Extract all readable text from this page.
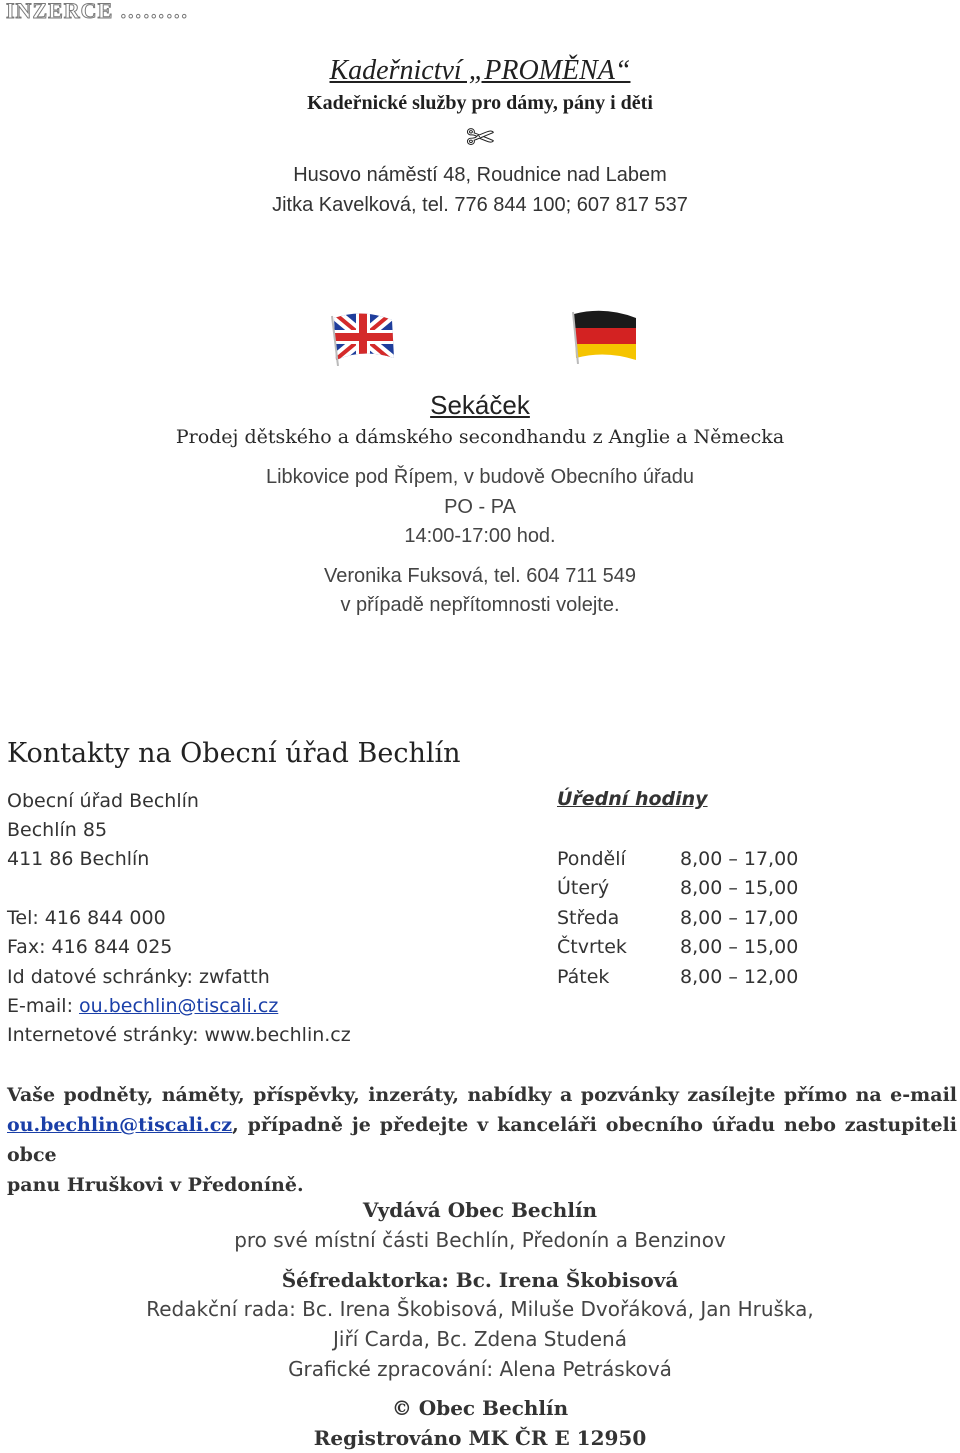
INZERCE ………
Kadeřnictví „PROMĚNA“
Kadeřnické služby pro dámy, pány i děti
✄
Husovo náměstí 48, Roudnice nad Labem
Jitka Kavelková, tel. 776 844 100; 607 817 537
Sekáček
Prodej dětského a dámského secondhandu z Anglie a Německa
Libkovice pod Řípem, v budově Obecního úřadu
PO - PA
14:00-17:00 hod.
Veronika Fuksová, tel. 604 711 549
v případě nepřítomnosti volejte.
Kontakty na Obecní úřad Bechlín
Obecní úřad Bechlín
Bechlín 85
411 86 Bechlín
Tel: 416 844 000
Fax: 416 844 025
Id datové schránky: zwfatth
E-mail: ou.bechlin@tiscali.cz
Internetové stránky: www.bechlin.cz
Úřední hodiny
Pondělí	8,00 – 17,00
Úterý	8,00 – 15,00
Středa	8,00 – 17,00
Čtvrtek	8,00 – 15,00
Pátek	8,00 – 12,00
Vaše podněty, náměty, příspěvky, inzeráty, nabídky a pozvánky zasílejte přímo na e-mail
ou.bechlin@tiscali.cz, případně je předejte v kanceláři obecního úřadu nebo zastupiteli obce
panu Hruškovi v Předoníně.
Vydává Obec Bechlín
pro své místní části Bechlín, Předonín a Benzinov
Šéfredaktorka: Bc. Irena Škobisová
Redakční rada: Bc. Irena Škobisová, Miluše Dvořáková, Jan Hruška,
Jiří Carda, Bc. Zdena Studená
Grafické zpracování: Alena Petrásková
© Obec Bechlín
Registrováno MK ČR E 12950
